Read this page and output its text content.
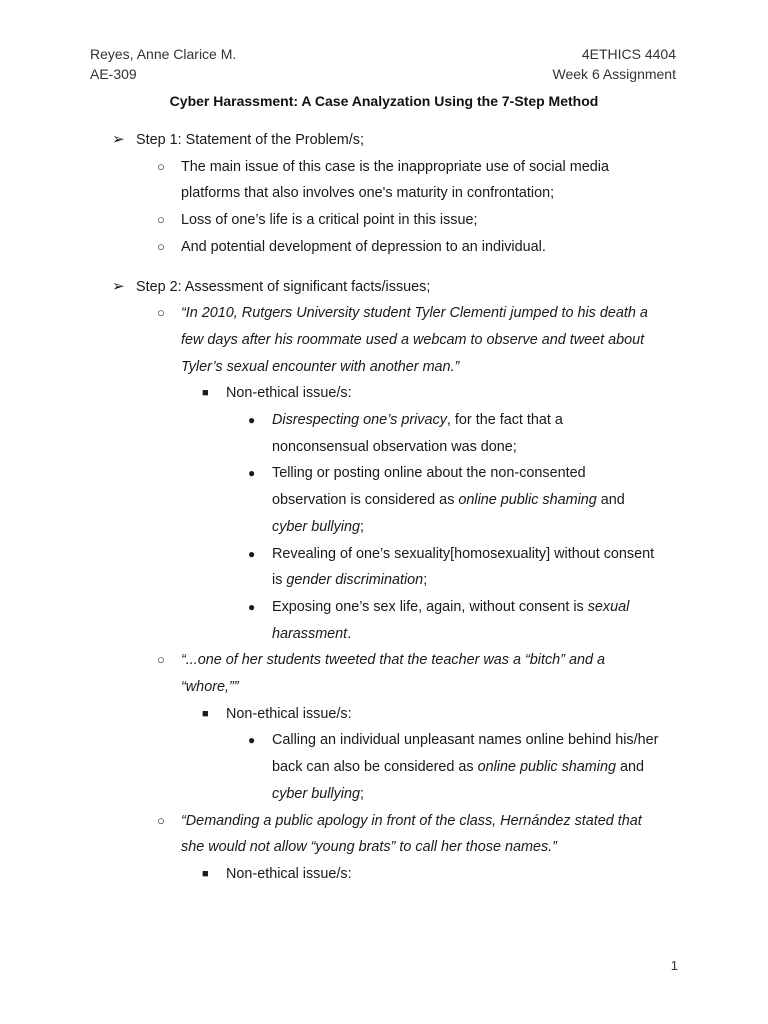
Reyes, Anne Clarice M.
AE-309
4ETHICS 4404
Week 6 Assignment
Cyber Harassment: A Case Analyzation Using the 7-Step Method
➢ Step 1: Statement of the Problem/s;
○ The main issue of this case is the inappropriate use of social media
platforms that also involves one's maturity in confrontation;
○ Loss of one’s life is a critical point in this issue;
○ And potential development of depression to an individual.
➢ Step 2: Assessment of significant facts/issues;
○ “In 2010, Rutgers University student Tyler Clementi jumped to his death a
few days after his roommate used a webcam to observe and tweet about
Tyler’s sexual encounter with another man.”
■ Non-ethical issue/s:
● Disrespecting one’s privacy, for the fact that a
nonconsensual observation was done;
● Telling or posting online about the non-consented
observation is considered as online public shaming and
cyber bullying;
● Revealing of one’s sexuality[homosexuality] without consent
is gender discrimination;
● Exposing one’s sex life, again, without consent is sexual
harassment.
○ “...one of her students tweeted that the teacher was a “bitch” and a
“whore,””
■ Non-ethical issue/s:
● Calling an individual unpleasant names online behind his/her
back can also be considered as online public shaming and
cyber bullying;
○ “Demanding a public apology in front of the class, Hernández stated that
she would not allow “young brats” to call her those names.”
■ Non-ethical issue/s:
1
